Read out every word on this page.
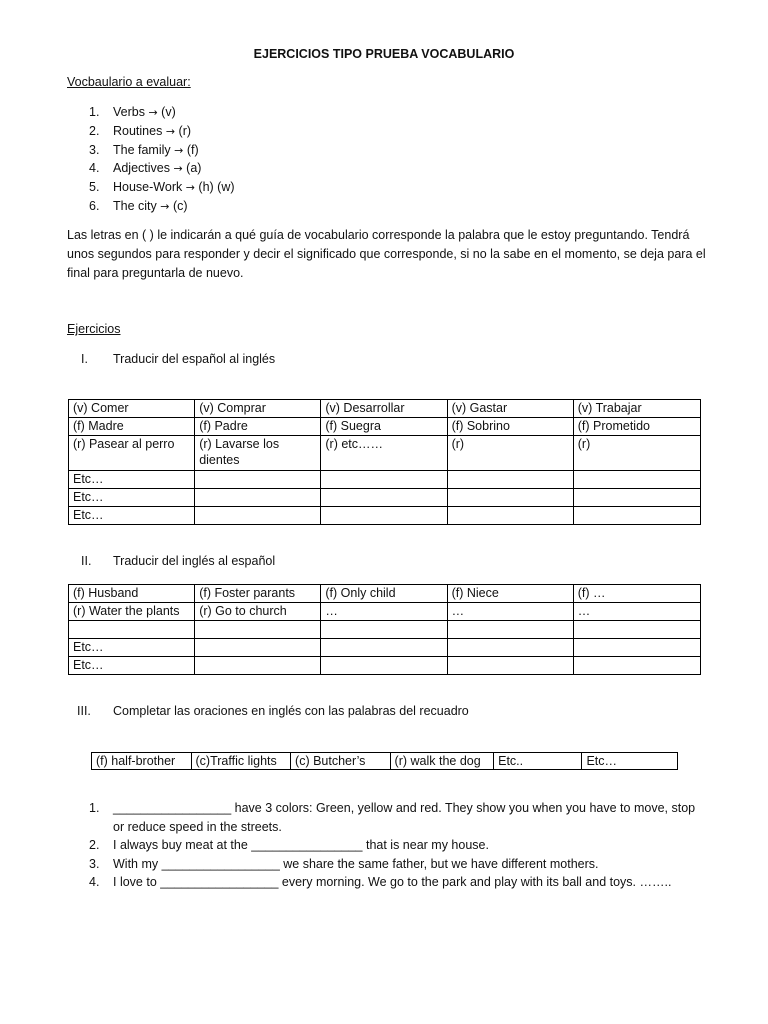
EJERCICIOS TIPO PRUEBA VOCABULARIO
Vocbaulario a evaluar:
1. Verbs → (v)
2. Routines → (r)
3. The family → (f)
4. Adjectives → (a)
5. House-Work → (h) (w)
6. The city → (c)
Las letras en ( ) le indicarán a qué guía de vocabulario corresponde la palabra que le estoy preguntando. Tendrá unos segundos para responder y decir el significado que corresponde, si no la sabe en el momento, se deja para el final para preguntarla de nuevo.
Ejercicios
I. Traducir del español al inglés
(v) Comer	(v) Comprar	(v) Desarrollar	(v) Gastar	(v) Trabajar
(f) Madre	(f) Padre	(f) Suegra	(f) Sobrino	(f) Prometido
(r) Pasear al perro	(r) Lavarse los dientes	(r) etc……	(r)	(r)
Etc…				
Etc…				
Etc…				
II. Traducir del inglés al español
(f) Husband	(f) Foster parants	(f) Only child	(f) Niece	(f) …
(r) Water the plants	(r) Go to church	…	…	…

Etc…				
Etc…				
III. Completar las oraciones en inglés con las palabras del recuadro
(f) half-brother	(c)Traffic lights	(c) Butcher’s	(r) walk the dog	Etc..	Etc…
1. _________________ have 3 colors: Green, yellow and red. They show you when you have to move, stop or reduce speed in the streets.
2. I always buy meat at the ________________ that is near my house.
3. With my _________________ we share the same father, but we have different mothers.
4. I love to _________________ every morning. We go to the park and play with its ball and toys. ……..
